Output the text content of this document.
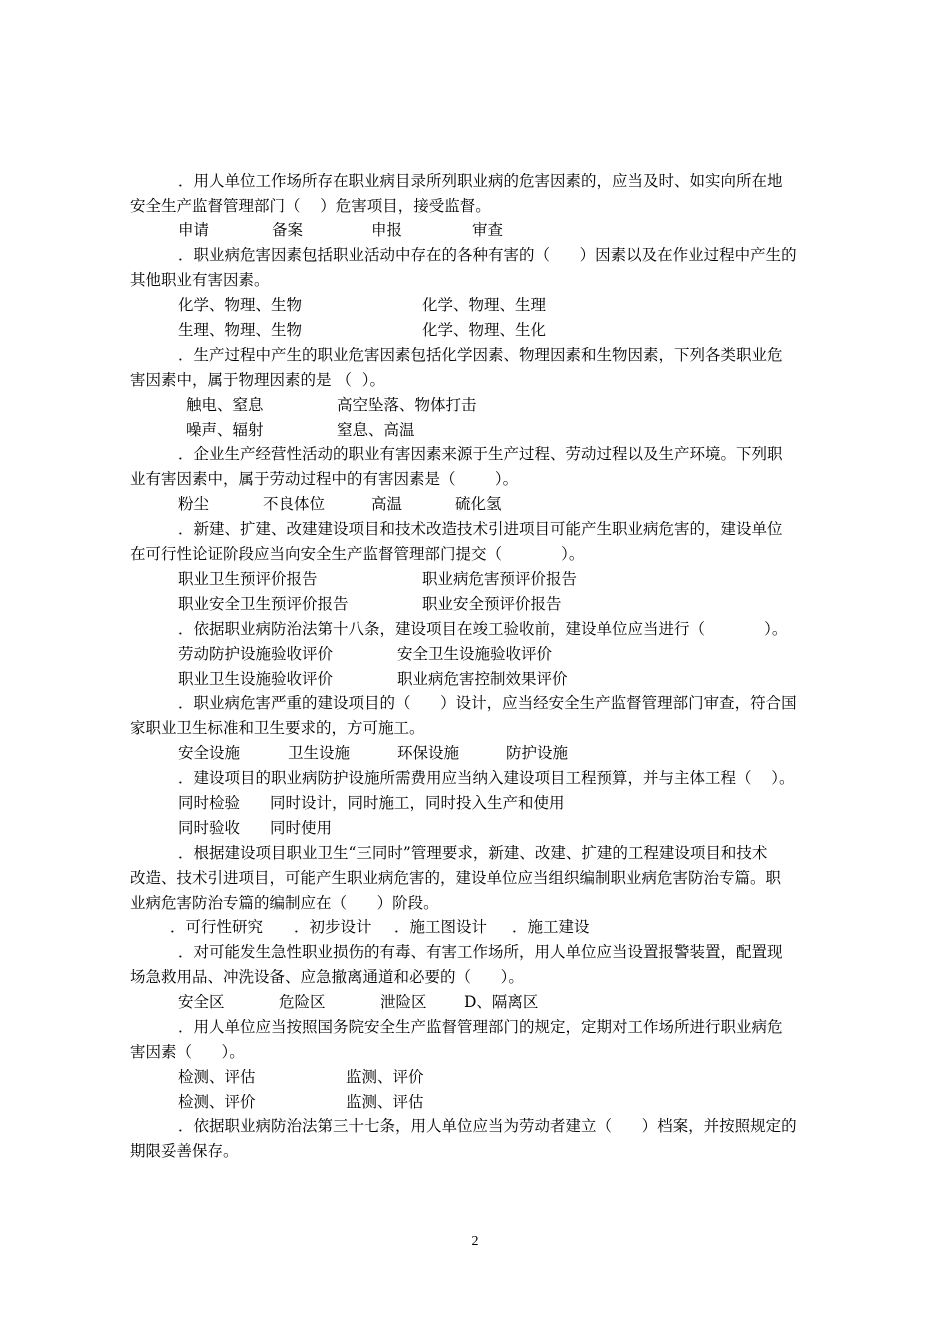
．用人单位工作场所存在职业病目录所列职业病的危害因素的，应当及时、如实向所在地
安全生产监督管理部门（    ）危害项目，接受监督。
申请	备案	申报	审查
．职业病危害因素包括职业活动中存在的各种有害的（      ）因素以及在作业过程中产生的
其他职业有害因素。
化学、物理、生物	化学、物理、生理
生理、物理、生物	化学、物理、生化
．生产过程中产生的职业危害因素包括化学因素、物理因素和生物因素，下列各类职业危
害因素中，属于物理因素的是 （  ）。
触电、窒息	高空坠落、物体打击
噪声、辐射	窒息、高温
．企业生产经营性活动的职业有害因素来源于生产过程、劳动过程以及生产环境。下列职
业有害因素中，属于劳动过程中的有害因素是（        ）。
粉尘	不良体位	高温	硫化氢
．新建、扩建、改建建设项目和技术改造技术引进项目可能产生职业病危害的，建设单位
在可行性论证阶段应当向安全生产监督管理部门提交（            ）。
职业卫生预评价报告	职业病危害预评价报告
职业安全卫生预评价报告	职业安全预评价报告
．依据职业病防治法第十八条，建设项目在竣工验收前，建设单位应当进行（            ）。
劳动防护设施验收评价	安全卫生设施验收评价
职业卫生设施验收评价	职业病危害控制效果评价
．职业病危害严重的建设项目的（      ）设计，应当经安全生产监督管理部门审查，符合国
家职业卫生标准和卫生要求的，方可施工。
安全设施	卫生设施	环保设施	防护设施
．建设项目的职业病防护设施所需费用应当纳入建设项目工程预算，并与主体工程（    ）。
同时检验 同时设计，同时施工，同时投入生产和使用
同时验收 同时使用
．根据建设项目职业卫生“三同时”管理要求，新建、改建、扩建的工程建设项目和技术
改造、技术引进项目，可能产生职业病危害的，建设单位应当组织编制职业病危害防治专篇。职
业病危害防治专篇的编制应在（      ）阶段。
．可行性研究 ．初步设计 ．施工图设计 ．施工建设
．对可能发生急性职业损伤的有毒、有害工作场所，用人单位应当设置报警装置，配置现
场急救用品、冲洗设备、应急撤离通道和必要的（      ）。
安全区	危险区	泄险区 D、隔离区
．用人单位应当按照国务院安全生产监督管理部门的规定，定期对工作场所进行职业病危
害因素（      ）。
检测、评估	监测、评价
检测、评价	监测、评估
．依据职业病防治法第三十七条，用人单位应当为劳动者建立（      ）档案，并按照规定的
期限妥善保存。
2
